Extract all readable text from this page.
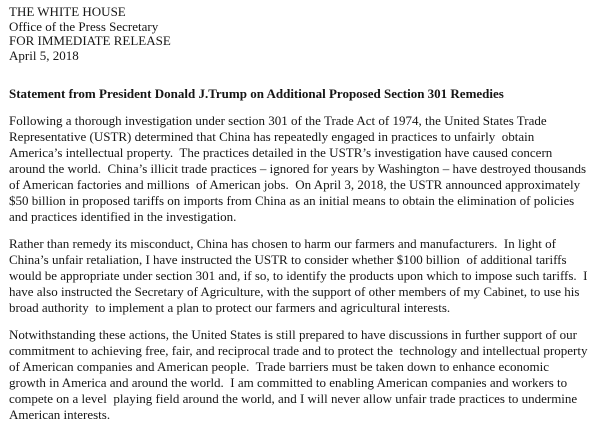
THE WHITE HOUSE
Office of the Press Secretary
FOR IMMEDIATE RELEASE
April 5, 2018
Statement from President Donald J.Trump on Additional Proposed Section 301 Remedies

Following a thorough investigation under section 301 of the Trade Act of 1974, the United States Trade Representative (USTR) determined that China has repeatedly engaged in practices to unfairly  obtain America’s intellectual property.  The practices detailed in the USTR’s investigation have caused concern around the world.  China’s illicit trade practices – ignored for years by Washington – have destroyed thousands of American factories and millions  of American jobs.  On April 3, 2018, the USTR announced approximately $50 billion in proposed tariffs on imports from China as an initial means to obtain the elimination of policies and practices identified in the investigation.

Rather than remedy its misconduct, China has chosen to harm our farmers and manufacturers.  In light of China’s unfair retaliation, I have instructed the USTR to consider whether $100 billion  of additional tariffs would be appropriate under section 301 and, if so, to identify the products upon which to impose such tariffs.  I have also instructed the Secretary of Agriculture, with the support of other members of my Cabinet, to use his broad authority  to implement a plan to protect our farmers and agricultural interests.

Notwithstanding these actions, the United States is still prepared to have discussions in further support of our commitment to achieving free, fair, and reciprocal trade and to protect the  technology and intellectual property of American companies and American people.  Trade barriers must be taken down to enhance economic growth in America and around the world.  I am committed to enabling American companies and workers to compete on a level  playing field around the world, and I will never allow unfair trade practices to undermine American interests.
